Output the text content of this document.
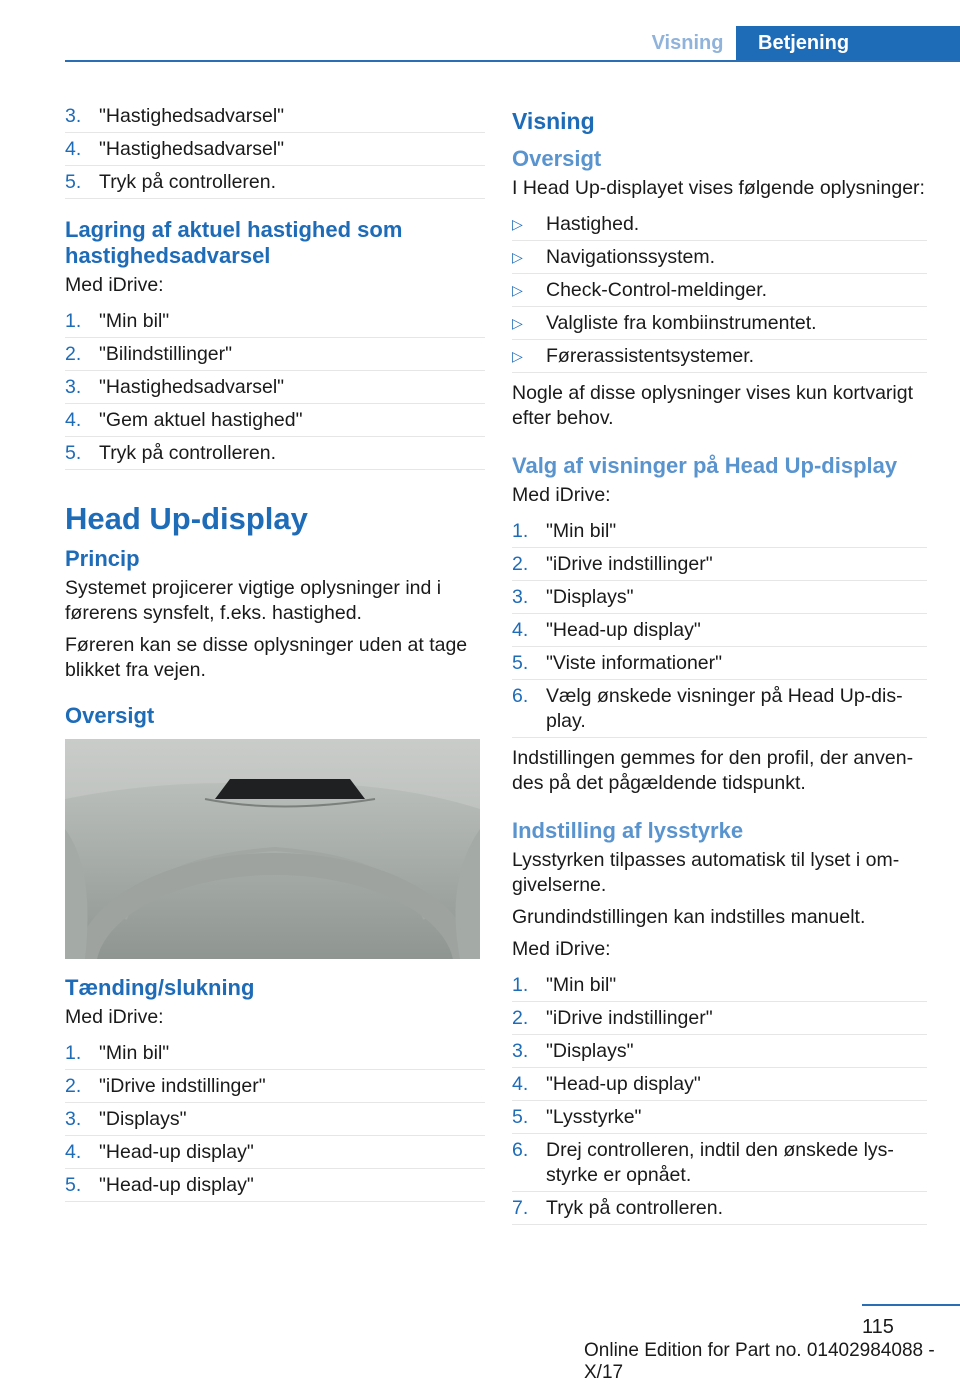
Visning	Betjening
3. "Hastighedsadvarsel"
4. "Hastighedsadvarsel"
5. Tryk på controlleren.
Lagring af aktuel hastighed som hastighedsadvarsel
Med iDrive:
1. "Min bil"
2. "Bilindstillinger"
3. "Hastighedsadvarsel"
4. "Gem aktuel hastighed"
5. Tryk på controlleren.
Head Up-display
Princip
Systemet projicerer vigtige oplysninger ind i førerens synsfelt, f.eks. hastighed.
Føreren kan se disse oplysninger uden at tage blikket fra vejen.
Oversigt
Tænding/slukning
Med iDrive:
1. "Min bil"
2. "iDrive indstillinger"
3. "Displays"
4. "Head-up display"
5. "Head-up display"
Visning
Oversigt
I Head Up-displayet vises følgende oplysninger:
▷ Hastighed.
▷ Navigationssystem.
▷ Check-Control-meldinger.
▷ Valgliste fra kombiinstrumentet.
▷ Førerassistentsystemer.
Nogle af disse oplysninger vises kun kortvarigt efter behov.
Valg af visninger på Head Up-display
Med iDrive:
1. "Min bil"
2. "iDrive indstillinger"
3. "Displays"
4. "Head-up display"
5. "Viste informationer"
6. Vælg ønskede visninger på Head Up-display.
Indstillingen gemmes for den profil, der anvendes på det pågældende tidspunkt.
Indstilling af lysstyrke
Lysstyrken tilpasses automatisk til lyset i omgivelserne.
Grundindstillingen kan indstilles manuelt.
Med iDrive:
1. "Min bil"
2. "iDrive indstillinger"
3. "Displays"
4. "Head-up display"
5. "Lysstyrke"
6. Drej controlleren, indtil den ønskede lysstyrke er opnået.
7. Tryk på controlleren.
115
Online Edition for Part no. 01402984088 - X/17
